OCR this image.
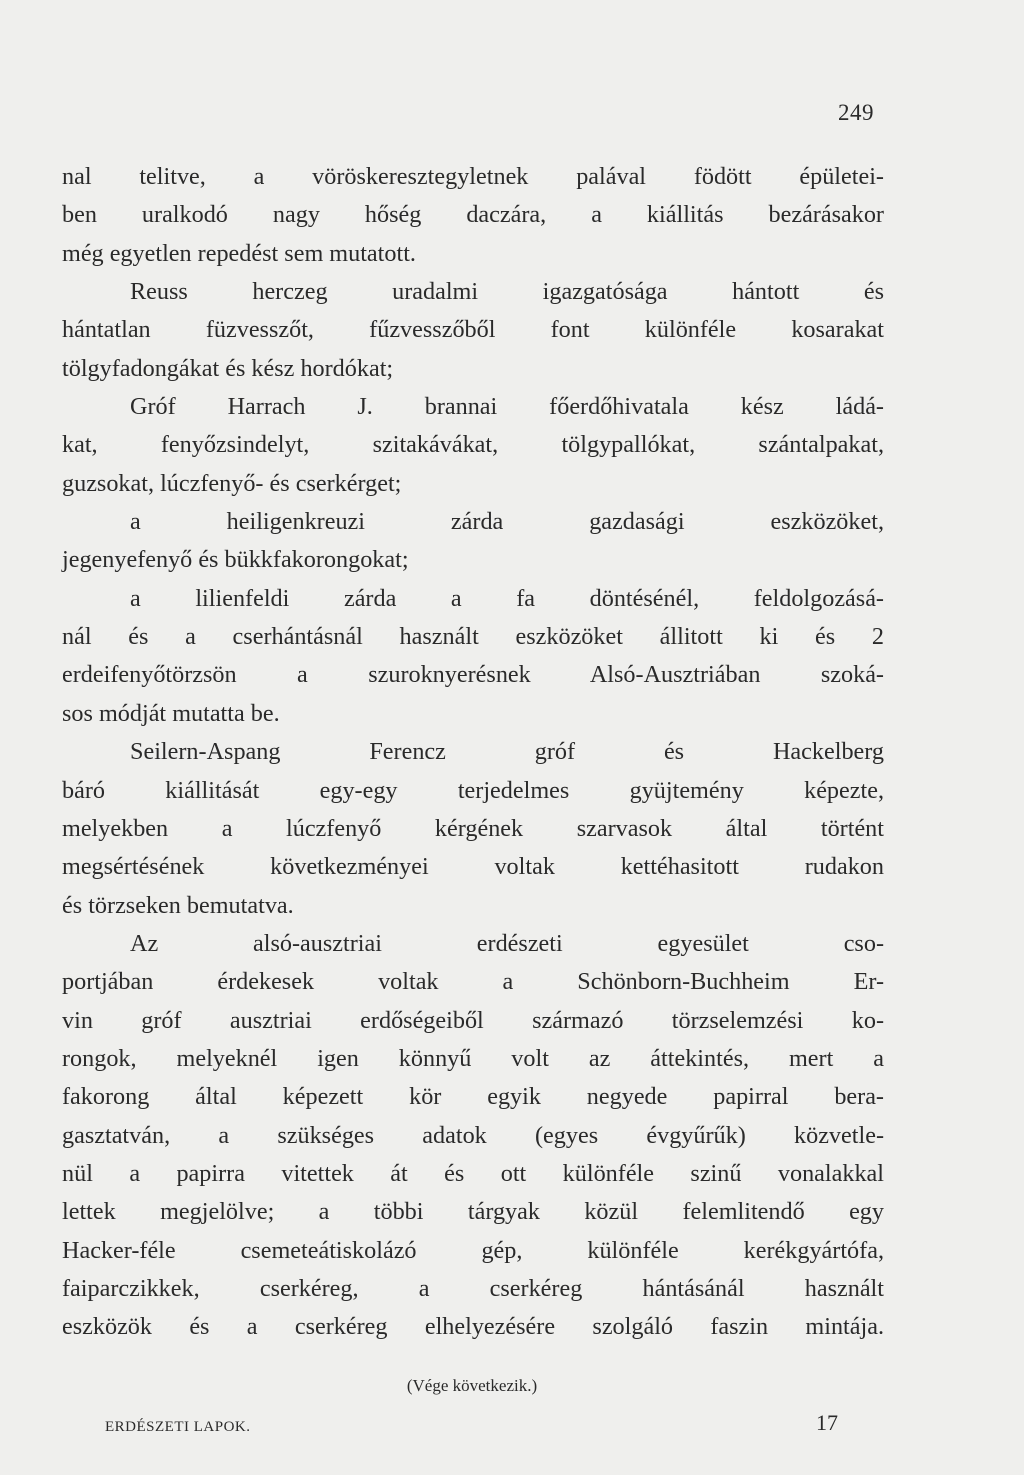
249
nal telitve, a vöröskeresztegyletnek palával födött épületei-
ben uralkodó nagy hőség daczára, a kiállitás bezárásakor
még egyetlen repedést sem mutatott.
Reuss herczeg uradalmi igazgatósága hántott és
hántatlan füzvesszőt, fűzvesszőből font különféle kosarakat
tölgyfadongákat és kész hordókat;
Gróf Harrach J. brannai főerdőhivatala kész ládá-
kat, fenyőzsindelyt, szitakávákat, tölgypallókat, szántalpakat,
guzsokat, lúczfenyő- és cserkérget;
a heiligenkreuzi zárda gazdasági eszközöket,
jegenyefenyő és bükkfakorongokat;
a lilienfeldi zárda a fa döntésénél, feldolgozásá-
nál és a cserhántásnál használt eszközöket állitott ki és 2
erdeifenyőtörzsön a szuroknyerésnek Alsó-Ausztriában szoká-
sos módját mutatta be.
Seilern-Aspang Ferencz gróf és Hackelberg
báró kiállitását egy-egy terjedelmes gyüjtemény képezte,
melyekben a lúczfenyő kérgének szarvasok által történt
megsértésének következményei voltak kettéhasitott rudakon
és törzseken bemutatva.
Az alsó-ausztriai erdészeti egyesület cso-
portjában érdekesek voltak a Schönborn-Buchheim Er-
vin gróf ausztriai erdőségeiből származó törzselemzési ko-
rongok, melyeknél igen könnyű volt az áttekintés, mert a
fakorong által képezett kör egyik negyede papirral bera-
gasztatván, a szükséges adatok (egyes évgyűrűk) közvetle-
nül a papirra vitettek át és ott különféle szinű vonalakkal
lettek megjelölve; a többi tárgyak közül felemlitendő egy
Hacker-féle csemeteátiskolázó gép, különféle kerékgyártófa,
faiparczikkek, cserkéreg, a cserkéreg hántásánál használt
eszközök és a cserkéreg elhelyezésére szolgáló faszin mintája.
(Vége következik.)
ERDÉSZETI LAPOK.	17
